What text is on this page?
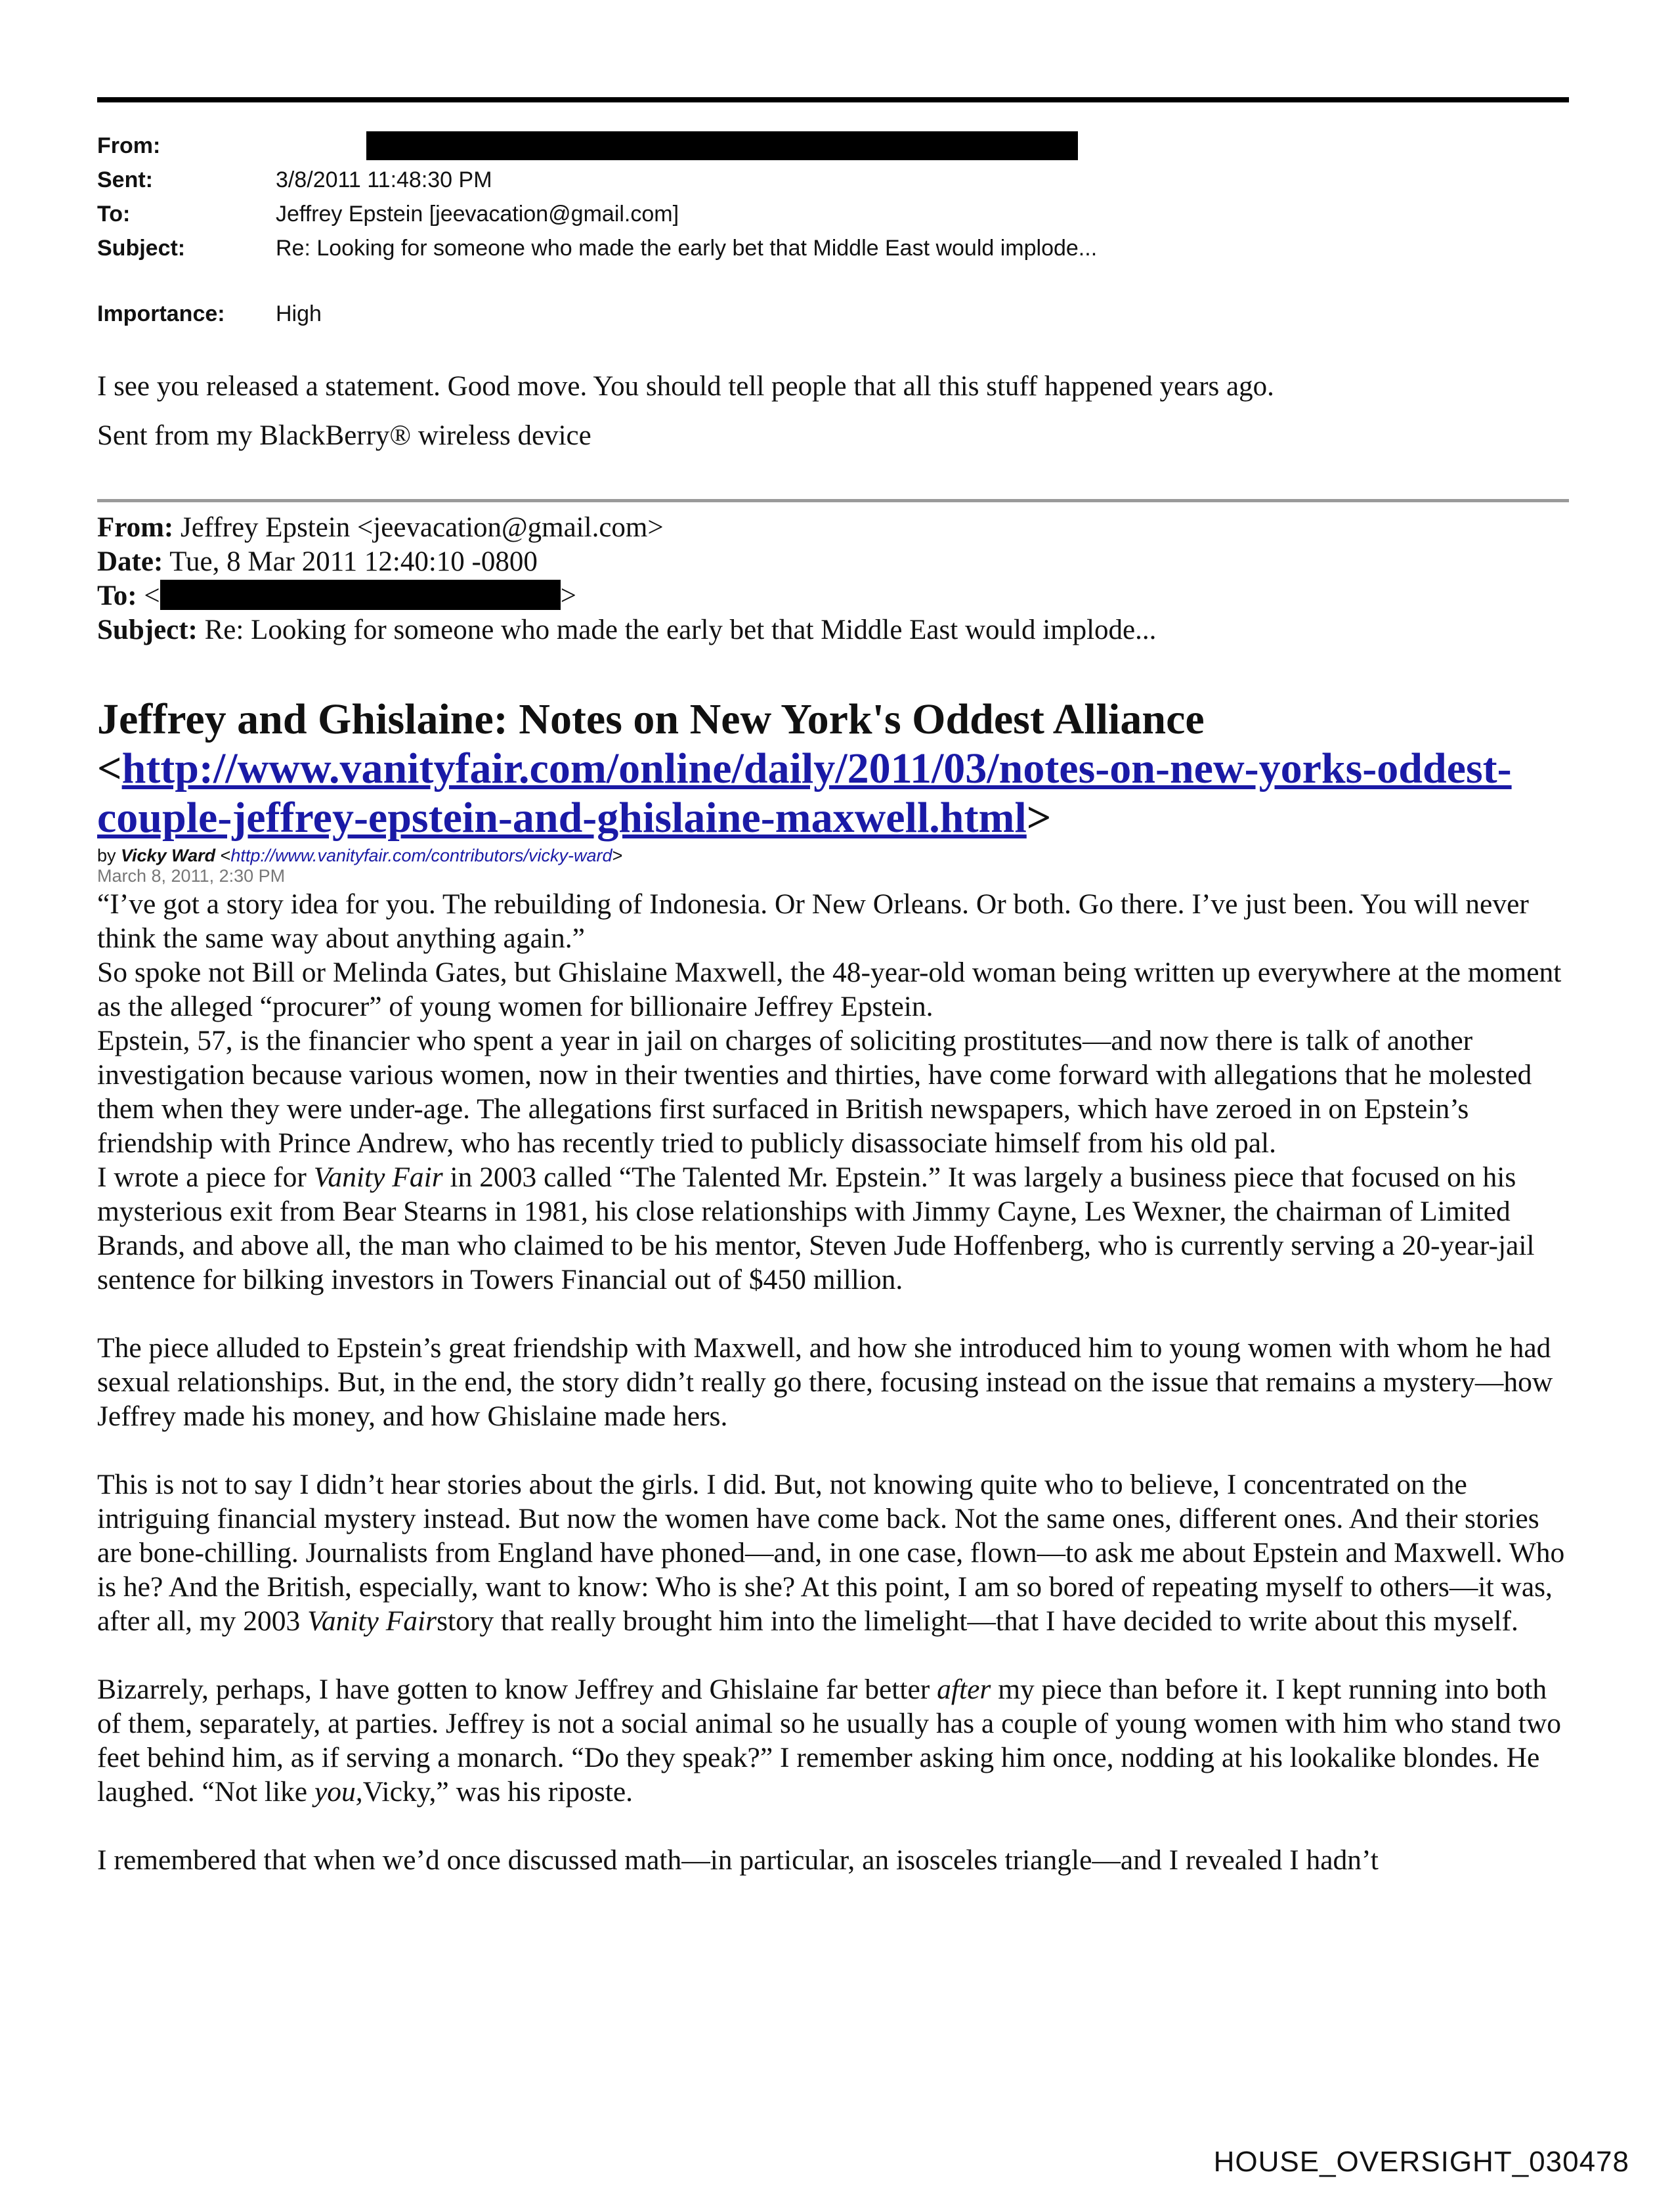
From:
Sent:	3/8/2011 11:48:30 PM
To:	Jeffrey Epstein [jeevacation@gmail.com]
Subject:	Re: Looking for someone who made the early bet that Middle East would implode...
Importance:	High

I see you released a statement. Good move. You should tell people that all this stuff happened years ago.

Sent from my BlackBerry® wireless device

From: Jeffrey Epstein <jeevacation@gmail.com>
Date: Tue, 8 Mar 2011 12:40:10 -0800
To: <	>
Subject: Re: Looking for someone who made the early bet that Middle East would implode...
Jeffrey and Ghislaine: Notes on New York's Oddest Alliance
<http://www.vanityfair.com/online/daily/2011/03/notes-on-new-yorks-oddest-couple-jeffrey-epstein-and-ghislaine-maxwell.html>
by Vicky Ward <http://www.vanityfair.com/contributors/vicky-ward>
March 8, 2011, 2:30 PM

“I’ve got a story idea for you. The rebuilding of Indonesia. Or New Orleans. Or both. Go there. I’ve just been. You will never think the same way about anything again.”

So spoke not Bill or Melinda Gates, but Ghislaine Maxwell, the 48-year-old woman being written up everywhere at the moment as the alleged “procurer” of young women for billionaire Jeffrey Epstein.

Epstein, 57, is the financier who spent a year in jail on charges of soliciting prostitutes—and now there is talk of another investigation because various women, now in their twenties and thirties, have come forward with allegations that he molested them when they were under-age. The allegations first surfaced in British newspapers, which have zeroed in on Epstein’s friendship with Prince Andrew, who has recently tried to publicly disassociate himself from his old pal.

I wrote a piece for Vanity Fair in 2003 called “The Talented Mr. Epstein.” It was largely a business piece that focused on his mysterious exit from Bear Stearns in 1981, his close relationships with Jimmy Cayne, Les Wexner, the chairman of Limited Brands, and above all, the man who claimed to be his mentor, Steven Jude Hoffenberg, who is currently serving a 20-year-jail sentence for bilking investors in Towers Financial out of $450 million.

The piece alluded to Epstein’s great friendship with Maxwell, and how she introduced him to young women with whom he had sexual relationships. But, in the end, the story didn’t really go there, focusing instead on the issue that remains a mystery—how Jeffrey made his money, and how Ghislaine made hers.

This is not to say I didn’t hear stories about the girls. I did. But, not knowing quite who to believe, I concentrated on the intriguing financial mystery instead. But now the women have come back. Not the same ones, different ones. And their stories are bone-chilling. Journalists from England have phoned—and, in one case, flown—to ask me about Epstein and Maxwell. Who is he? And the British, especially, want to know: Who is she? At this point, I am so bored of repeating myself to others—it was, after all, my 2003 Vanity Fairstory that really brought him into the limelight—that I have decided to write about this myself.

Bizarrely, perhaps, I have gotten to know Jeffrey and Ghislaine far better after my piece than before it. I kept running into both of them, separately, at parties. Jeffrey is not a social animal so he usually has a couple of young women with him who stand two feet behind him, as if serving a monarch. “Do they speak?” I remember asking him once, nodding at his lookalike blondes. He laughed. “Not like you,Vicky,” was his riposte.

I remembered that when we’d once discussed math—in particular, an isosceles triangle—and I revealed I hadn’t

HOUSE_OVERSIGHT_030478
